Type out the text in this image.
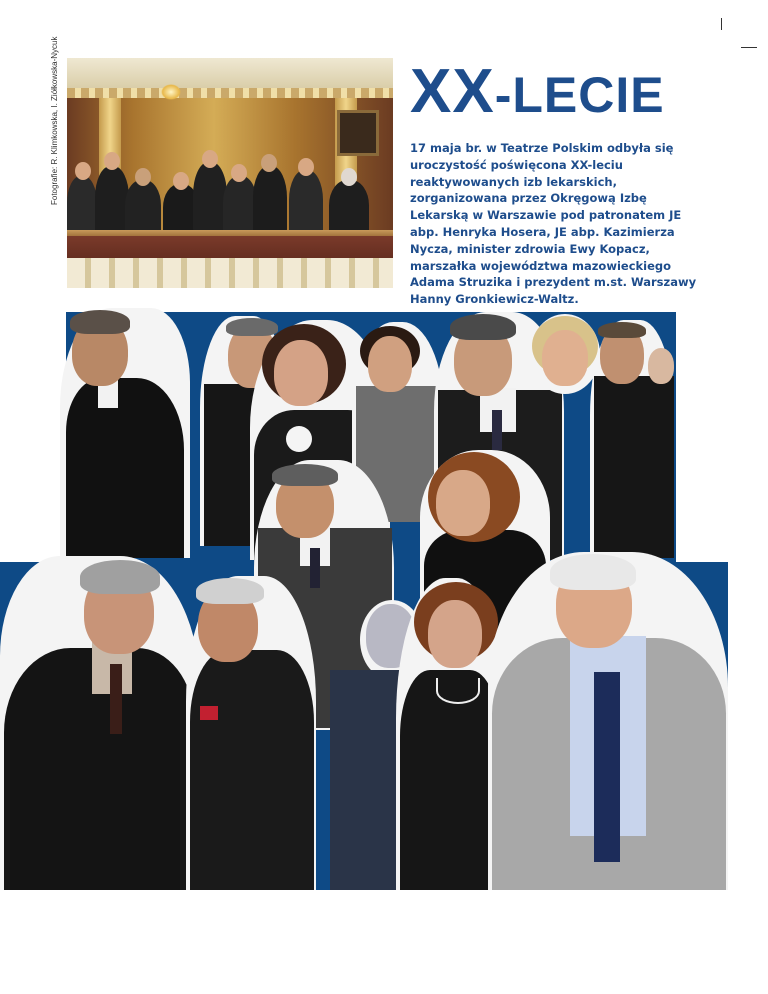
Fotografie: R. Klimkowska, I. Ziółkowska-Nycuk	XX-LECIE

17 maja br. w Teatrze Polskim odbyła się uroczystość poświęcona XX-leciu reaktywowanych izb lekarskich, zorganizowana przez Okręgową Izbę Lekarską w Warszawie pod patronatem JE abp. Henryka Hosera, JE abp. Kazimierza Nycza, minister zdrowia Ewy Kopacz, marszałka województwa mazowieckiego Adama Struzika i prezydent m.st. Warszawy Hanny Gronkiewicz-Waltz.
